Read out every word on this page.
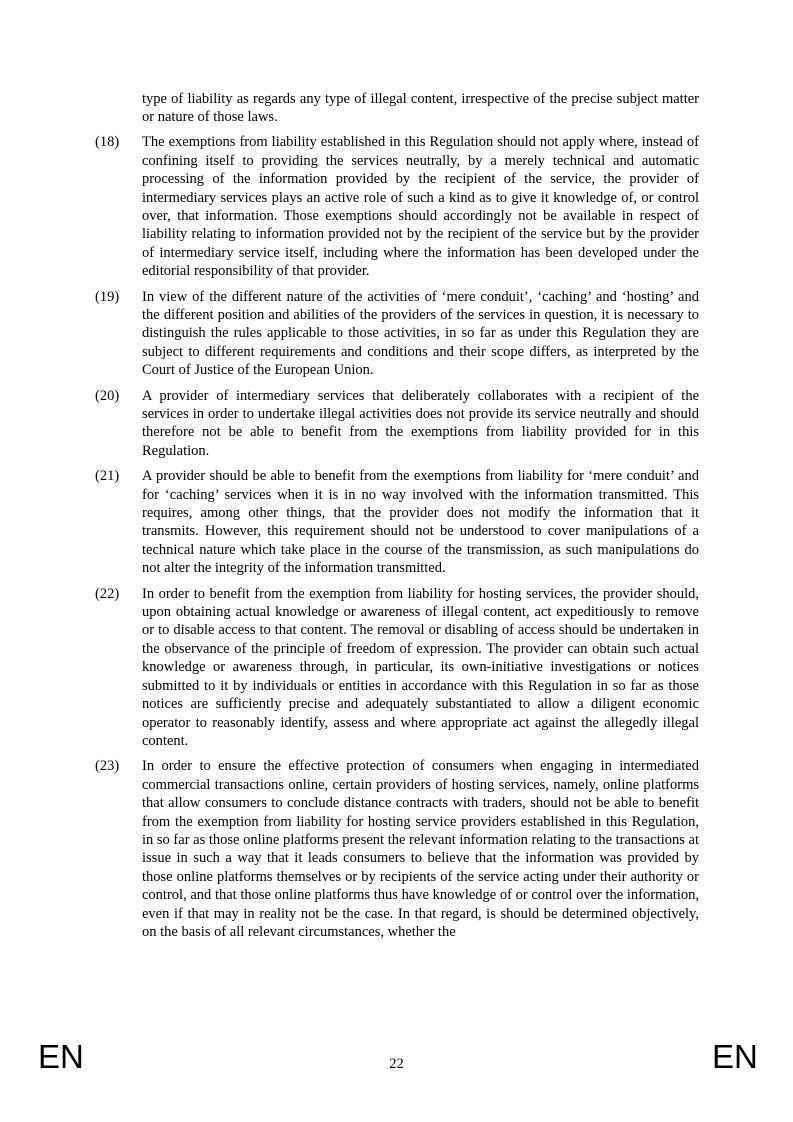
type of liability as regards any type of illegal content, irrespective of the precise subject matter or nature of those laws.

(18)	The exemptions from liability established in this Regulation should not apply where, instead of confining itself to providing the services neutrally, by a merely technical and automatic processing of the information provided by the recipient of the service, the provider of intermediary services plays an active role of such a kind as to give it knowledge of, or control over, that information. Those exemptions should accordingly not be available in respect of liability relating to information provided not by the recipient of the service but by the provider of intermediary service itself, including where the information has been developed under the editorial responsibility of that provider.
(19)	In view of the different nature of the activities of ‘mere conduit’, ‘caching’ and ‘hosting’ and the different position and abilities of the providers of the services in question, it is necessary to distinguish the rules applicable to those activities, in so far as under this Regulation they are subject to different requirements and conditions and their scope differs, as interpreted by the Court of Justice of the European Union.
(20)	A provider of intermediary services that deliberately collaborates with a recipient of the services in order to undertake illegal activities does not provide its service neutrally and should therefore not be able to benefit from the exemptions from liability provided for in this Regulation.
(21)	A provider should be able to benefit from the exemptions from liability for ‘mere conduit’ and for ‘caching’ services when it is in no way involved with the information transmitted. This requires, among other things, that the provider does not modify the information that it transmits. However, this requirement should not be understood to cover manipulations of a technical nature which take place in the course of the transmission, as such manipulations do not alter the integrity of the information transmitted.
(22)	In order to benefit from the exemption from liability for hosting services, the provider should, upon obtaining actual knowledge or awareness of illegal content, act expeditiously to remove or to disable access to that content. The removal or disabling of access should be undertaken in the observance of the principle of freedom of expression. The provider can obtain such actual knowledge or awareness through, in particular, its own-initiative investigations or notices submitted to it by individuals or entities in accordance with this Regulation in so far as those notices are sufficiently precise and adequately substantiated to allow a diligent economic operator to reasonably identify, assess and where appropriate act against the allegedly illegal content.
(23)	In order to ensure the effective protection of consumers when engaging in intermediated commercial transactions online, certain providers of hosting services, namely, online platforms that allow consumers to conclude distance contracts with traders, should not be able to benefit from the exemption from liability for hosting service providers established in this Regulation, in so far as those online platforms present the relevant information relating to the transactions at issue in such a way that it leads consumers to believe that the information was provided by those online platforms themselves or by recipients of the service acting under their authority or control, and that those online platforms thus have knowledge of or control over the information, even if that may in reality not be the case. In that regard, is should be determined objectively, on the basis of all relevant circumstances, whether the
EN	22	EN
